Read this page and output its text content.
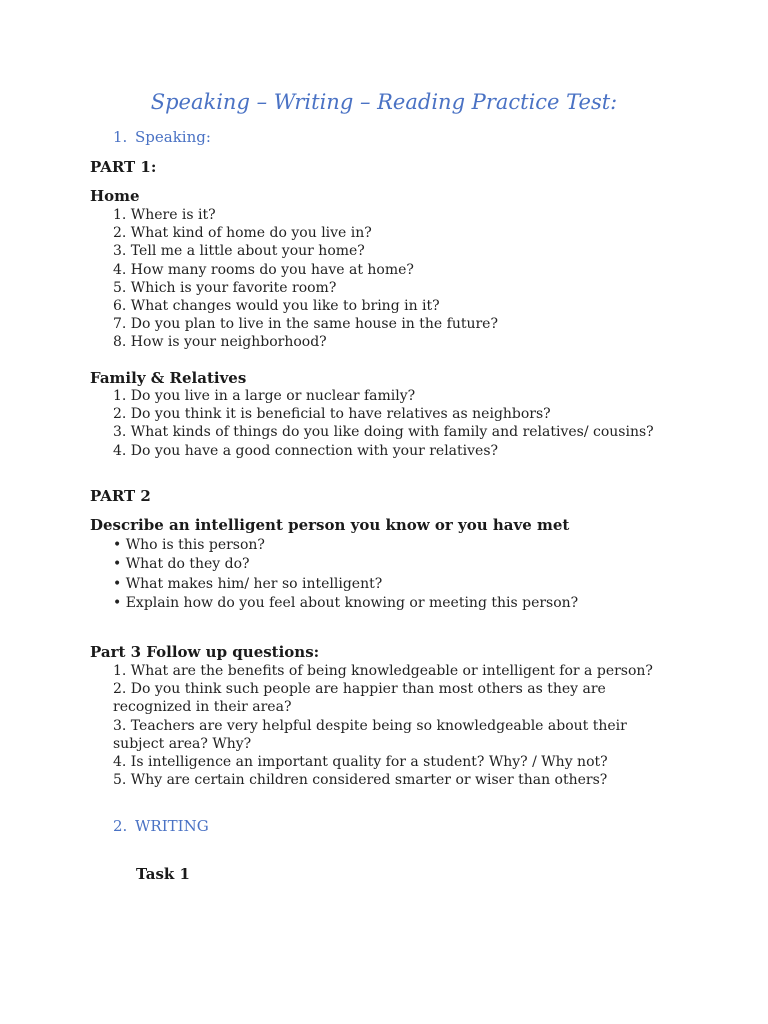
Speaking – Writing – Reading Practice Test:
1. Speaking:
PART 1:
Home
1. Where is it?
2. What kind of home do you live in?
3. Tell me a little about your home?
4. How many rooms do you have at home?
5. Which is your favorite room?
6. What changes would you like to bring in it?
7. Do you plan to live in the same house in the future?
8. How is your neighborhood?
Family & Relatives
1. Do you live in a large or nuclear family?
2. Do you think it is beneficial to have relatives as neighbors?
3. What kinds of things do you like doing with family and relatives/ cousins?
4. Do you have a good connection with your relatives?
PART 2
Describe an intelligent person you know or you have met
• Who is this person?
• What do they do?
• What makes him/ her so intelligent?
• Explain how do you feel about knowing or meeting this person?
Part 3 Follow up questions:
1. What are the benefits of being knowledgeable or intelligent for a person?
2. Do you think such people are happier than most others as they are recognized in their area?
3. Teachers are very helpful despite being so knowledgeable about their subject area? Why?
4. Is intelligence an important quality for a student? Why? / Why not?
5. Why are certain children considered smarter or wiser than others?
2. WRITING
Task 1
